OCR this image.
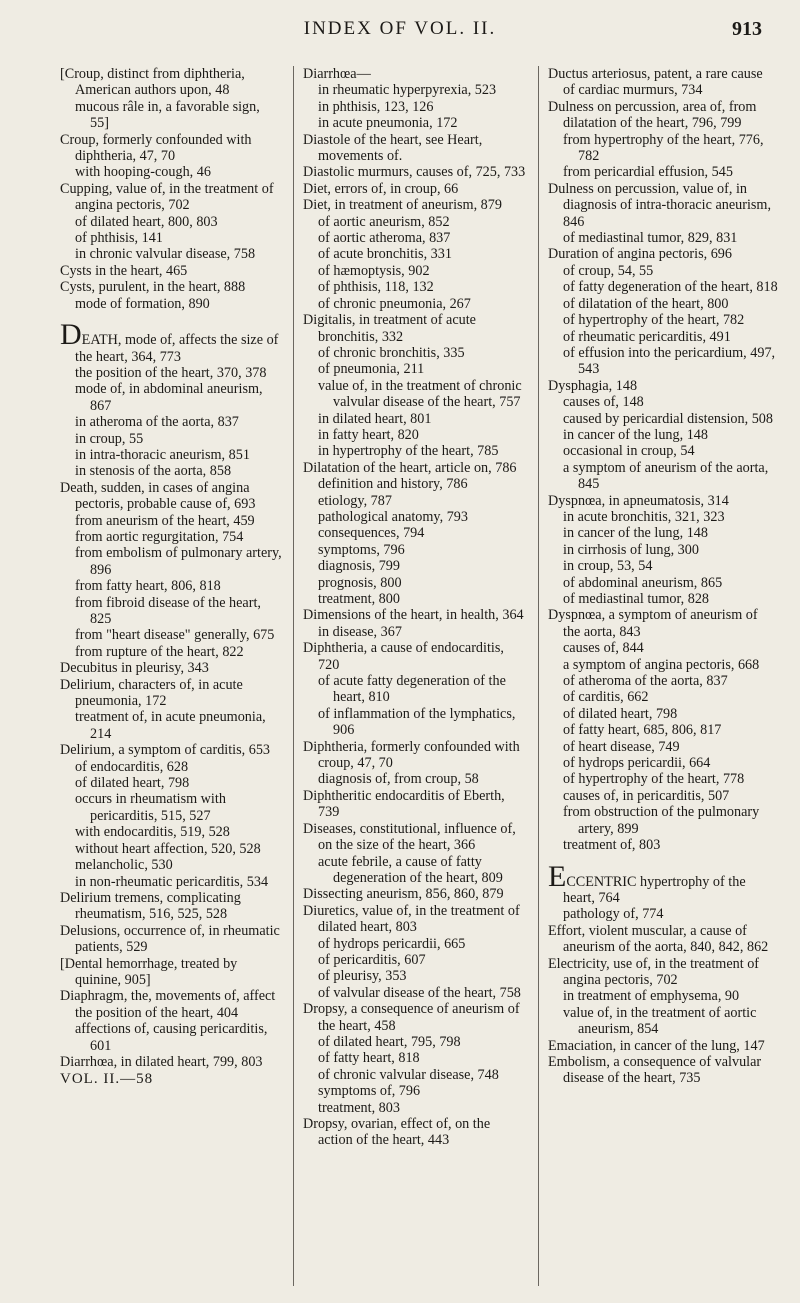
INDEX OF VOL. II.	913

[Croup, distinct from diphtheria, American authors upon, 48

mucous râle in, a favorable sign, 55]

Croup, formerly confounded with diphtheria, 47, 70

with hooping-cough, 46

Cupping, value of, in the treatment of angina pectoris, 702

of dilated heart, 800, 803

of phthisis, 141

in chronic valvular disease, 758

Cysts in the heart, 465

Cysts, purulent, in the heart, 888

mode of formation, 890

DEATH, mode of, affects the size of the heart, 364, 773

the position of the heart, 370, 378

mode of, in abdominal aneurism, 867

in atheroma of the aorta, 837

in croup, 55

in intra-thoracic aneurism, 851

in stenosis of the aorta, 858

Death, sudden, in cases of angina pectoris, probable cause of, 693

from aneurism of the heart, 459

from aortic regurgitation, 754

from embolism of pulmonary artery, 896

from fatty heart, 806, 818

from fibroid disease of the heart, 825

from "heart disease" generally, 675

from rupture of the heart, 822

Decubitus in pleurisy, 343

Delirium, characters of, in acute pneumonia, 172

treatment of, in acute pneumonia, 214

Delirium, a symptom of carditis, 653

of endocarditis, 628

of dilated heart, 798

occurs in rheumatism with pericarditis, 515, 527

with endocarditis, 519, 528

without heart affection, 520, 528

melancholic, 530

in non-rheumatic pericarditis, 534

Delirium tremens, complicating rheumatism, 516, 525, 528

Delusions, occurrence of, in rheumatic patients, 529

[Dental hemorrhage, treated by quinine, 905]

Diaphragm, the, movements of, affect the position of the heart, 404

affections of, causing pericarditis, 601

Diarrhœa, in dilated heart, 799, 803

VOL. II.—58

Diarrhœa—

in rheumatic hyperpyrexia, 523

in phthisis, 123, 126

in acute pneumonia, 172

Diastole of the heart, see Heart, movements of.

Diastolic murmurs, causes of, 725, 733

Diet, errors of, in croup, 66

Diet, in treatment of aneurism, 879

of aortic aneurism, 852

of aortic atheroma, 837

of acute bronchitis, 331

of hæmoptysis, 902

of phthisis, 118, 132

of chronic pneumonia, 267

Digitalis, in treatment of acute bronchitis, 332

of chronic bronchitis, 335

of pneumonia, 211

value of, in the treatment of chronic valvular disease of the heart, 757

in dilated heart, 801

in fatty heart, 820

in hypertrophy of the heart, 785

Dilatation of the heart, article on, 786

definition and history, 786

etiology, 787

pathological anatomy, 793

consequences, 794

symptoms, 796

diagnosis, 799

prognosis, 800

treatment, 800

Dimensions of the heart, in health, 364

in disease, 367

Diphtheria, a cause of endocarditis, 720

of acute fatty degeneration of the heart, 810

of inflammation of the lymphatics, 906

Diphtheria, formerly confounded with croup, 47, 70

diagnosis of, from croup, 58

Diphtheritic endocarditis of Eberth, 739

Diseases, constitutional, influence of, on the size of the heart, 366

acute febrile, a cause of fatty degeneration of the heart, 809

Dissecting aneurism, 856, 860, 879

Diuretics, value of, in the treatment of dilated heart, 803

of hydrops pericardii, 665

of pericarditis, 607

of pleurisy, 353

of valvular disease of the heart, 758

Dropsy, a consequence of aneurism of the heart, 458

of dilated heart, 795, 798

of fatty heart, 818

of chronic valvular disease, 748

symptoms of, 796

treatment, 803

Dropsy, ovarian, effect of, on the action of the heart, 443

Ductus arteriosus, patent, a rare cause of cardiac murmurs, 734

Dulness on percussion, area of, from dilatation of the heart, 796, 799

from hypertrophy of the heart, 776, 782

from pericardial effusion, 545

Dulness on percussion, value of, in diagnosis of intra-thoracic aneurism, 846

of mediastinal tumor, 829, 831

Duration of angina pectoris, 696

of croup, 54, 55

of fatty degeneration of the heart, 818

of dilatation of the heart, 800

of hypertrophy of the heart, 782

of rheumatic pericarditis, 491

of effusion into the pericardium, 497, 543

Dysphagia, 148

causes of, 148

caused by pericardial distension, 508

in cancer of the lung, 148

occasional in croup, 54

a symptom of aneurism of the aorta, 845

Dyspnœa, in apneumatosis, 314

in acute bronchitis, 321, 323

in cancer of the lung, 148

in cirrhosis of lung, 300

in croup, 53, 54

of abdominal aneurism, 865

of mediastinal tumor, 828

Dyspnœa, a symptom of aneurism of the aorta, 843

causes of, 844

a symptom of angina pectoris, 668

of atheroma of the aorta, 837

of carditis, 662

of dilated heart, 798

of fatty heart, 685, 806, 817

of heart disease, 749

of hydrops pericardii, 664

of hypertrophy of the heart, 778

causes of, in pericarditis, 507

from obstruction of the pulmonary artery, 899

treatment of, 803

ECCENTRIC hypertrophy of the heart, 764

pathology of, 774

Effort, violent muscular, a cause of aneurism of the aorta, 840, 842, 862

Electricity, use of, in the treatment of angina pectoris, 702

in treatment of emphysema, 90

value of, in the treatment of aortic aneurism, 854

Emaciation, in cancer of the lung, 147

Embolism, a consequence of valvular disease of the heart, 735
